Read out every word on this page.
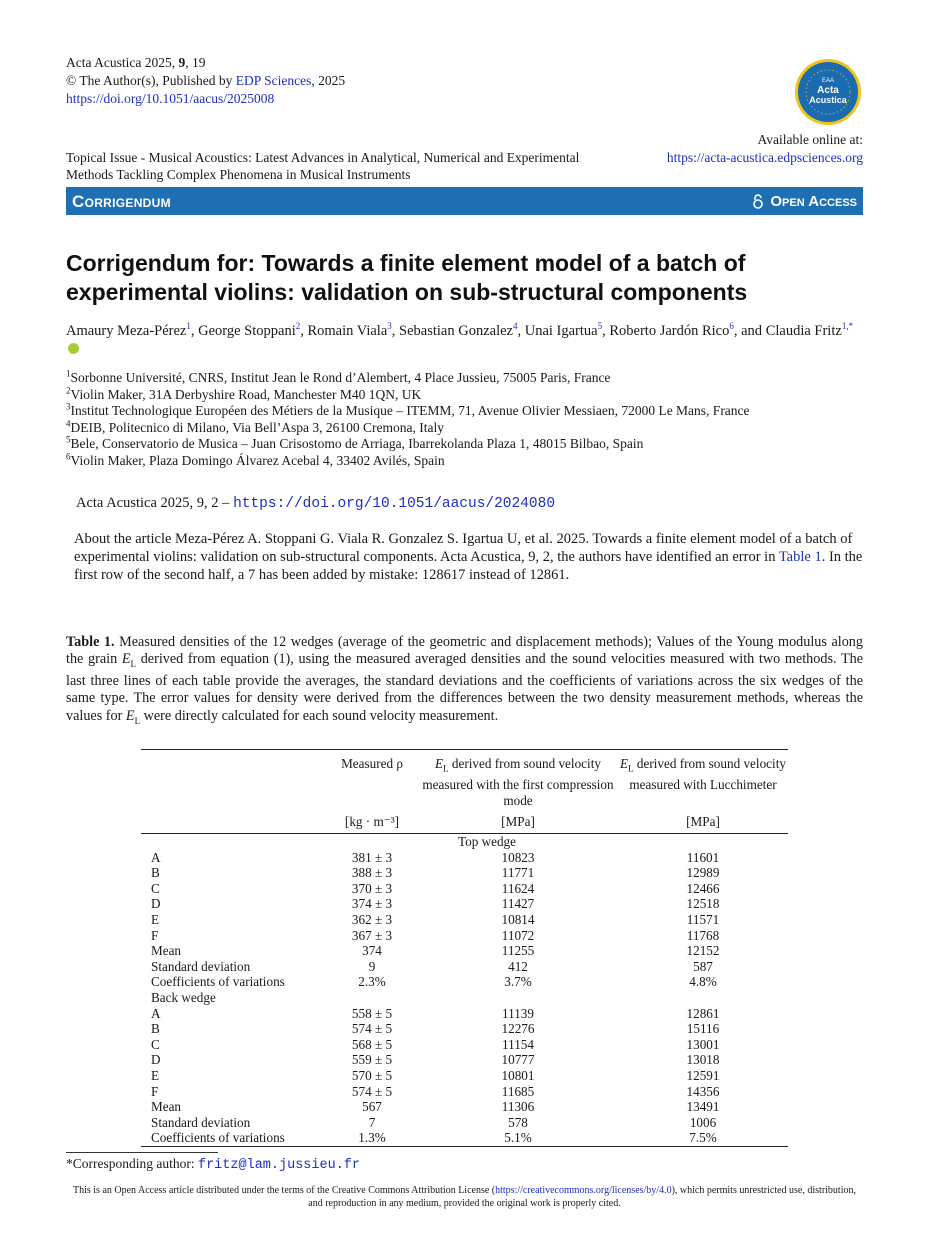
Acta Acustica 2025, 9, 19
© The Author(s), Published by EDP Sciences, 2025
https://doi.org/10.1051/aacus/2025008
EAA
Acta
Acustica
Available online at:
https://acta-acustica.edpsciences.org
Topical Issue - Musical Acoustics: Latest Advances in Analytical, Numerical and Experimental Methods Tackling Complex Phenomena in Musical Instruments
Corrigendum	Open Access
Corrigendum for: Towards a finite element model of a batch of experimental violins: validation on sub-structural components
Amaury Meza-Pérez$^1$, George Stoppani$^2$, Romain Viala$^3$, Sebastian Gonzalez$^4$, Unai Igartua$^5$, Roberto Jardón Rico$^6$, and Claudia Fritz$^{1,*}$
$^1$Sorbonne Université, CNRS, Institut Jean le Rond d’Alembert, 4 Place Jussieu, 75005 Paris, France
$^2$Violin Maker, 31A Derbyshire Road, Manchester M40 1QN, UK
$^3$Institut Technologique Européen des Métiers de la Musique – ITEMM, 71, Avenue Olivier Messiaen, 72000 Le Mans, France
$^4$DEIB, Politecnico di Milano, Via Bell’Aspa 3, 26100 Cremona, Italy
$^5$Bele, Conservatorio de Musica – Juan Crisostomo de Arriaga, Ibarrekolanda Plaza 1, 48015 Bilbao, Spain
$^6$Violin Maker, Plaza Domingo Álvarez Acebal 4, 33402 Avilés, Spain
Acta Acustica 2025, 9, 2 – https://doi.org/10.1051/aacus/2024080
About the article Meza-Pérez A. Stoppani G. Viala R. Gonzalez S. Igartua U, et al. 2025. Towards a finite element model of a batch of experimental violins: validation on sub-structural components. Acta Acustica, 9, 2, the authors have identified an error in Table 1. In the first row of the second half, a 7 has been added by mistake: 128617 instead of 12861.
Table 1. Measured densities of the 12 wedges (average of the geometric and displacement methods); Values of the Young modulus along the grain $E_L$ derived from equation (1), using the measured averaged densities and the sound velocities measured with two methods. The last three lines of each table provide the averages, the standard deviations and the coefficients of variations across the six wedges of the same type. The error values for density were derived from the differences between the two density measurement methods, whereas the values for $E_L$ were directly calculated for each sound velocity measurement.
	Measured ρ	$E_L$ derived from sound velocity measured with the first compression mode	$E_L$ derived from sound velocity measured with Lucchimeter
	[kg · m⁻³]	[MPa]	[MPa]
	Top wedge		
A	381 ± 3	10823	11601
B	388 ± 3	11771	12989
C	370 ± 3	11624	12466
D	374 ± 3	11427	12518
E	362 ± 3	10814	11571
F	367 ± 3	11072	11768
Mean	374	11255	12152
Standard deviation	9	412	587
Coefficients of variations	2.3%	3.7%	4.8%
Back wedge			
A	558 ± 5	11139	12861
B	574 ± 5	12276	15116
C	568 ± 5	11154	13001
D	559 ± 5	10777	13018
E	570 ± 5	10801	12591
F	574 ± 5	11685	14356
Mean	567	11306	13491
Standard deviation	7	578	1006
Coefficients of variations	1.3%	5.1%	7.5%
*Corresponding author: fritz@lam.jussieu.fr
This is an Open Access article distributed under the terms of the Creative Commons Attribution License (https://creativecommons.org/licenses/by/4.0), which permits unrestricted use, distribution, and reproduction in any medium, provided the original work is properly cited.
